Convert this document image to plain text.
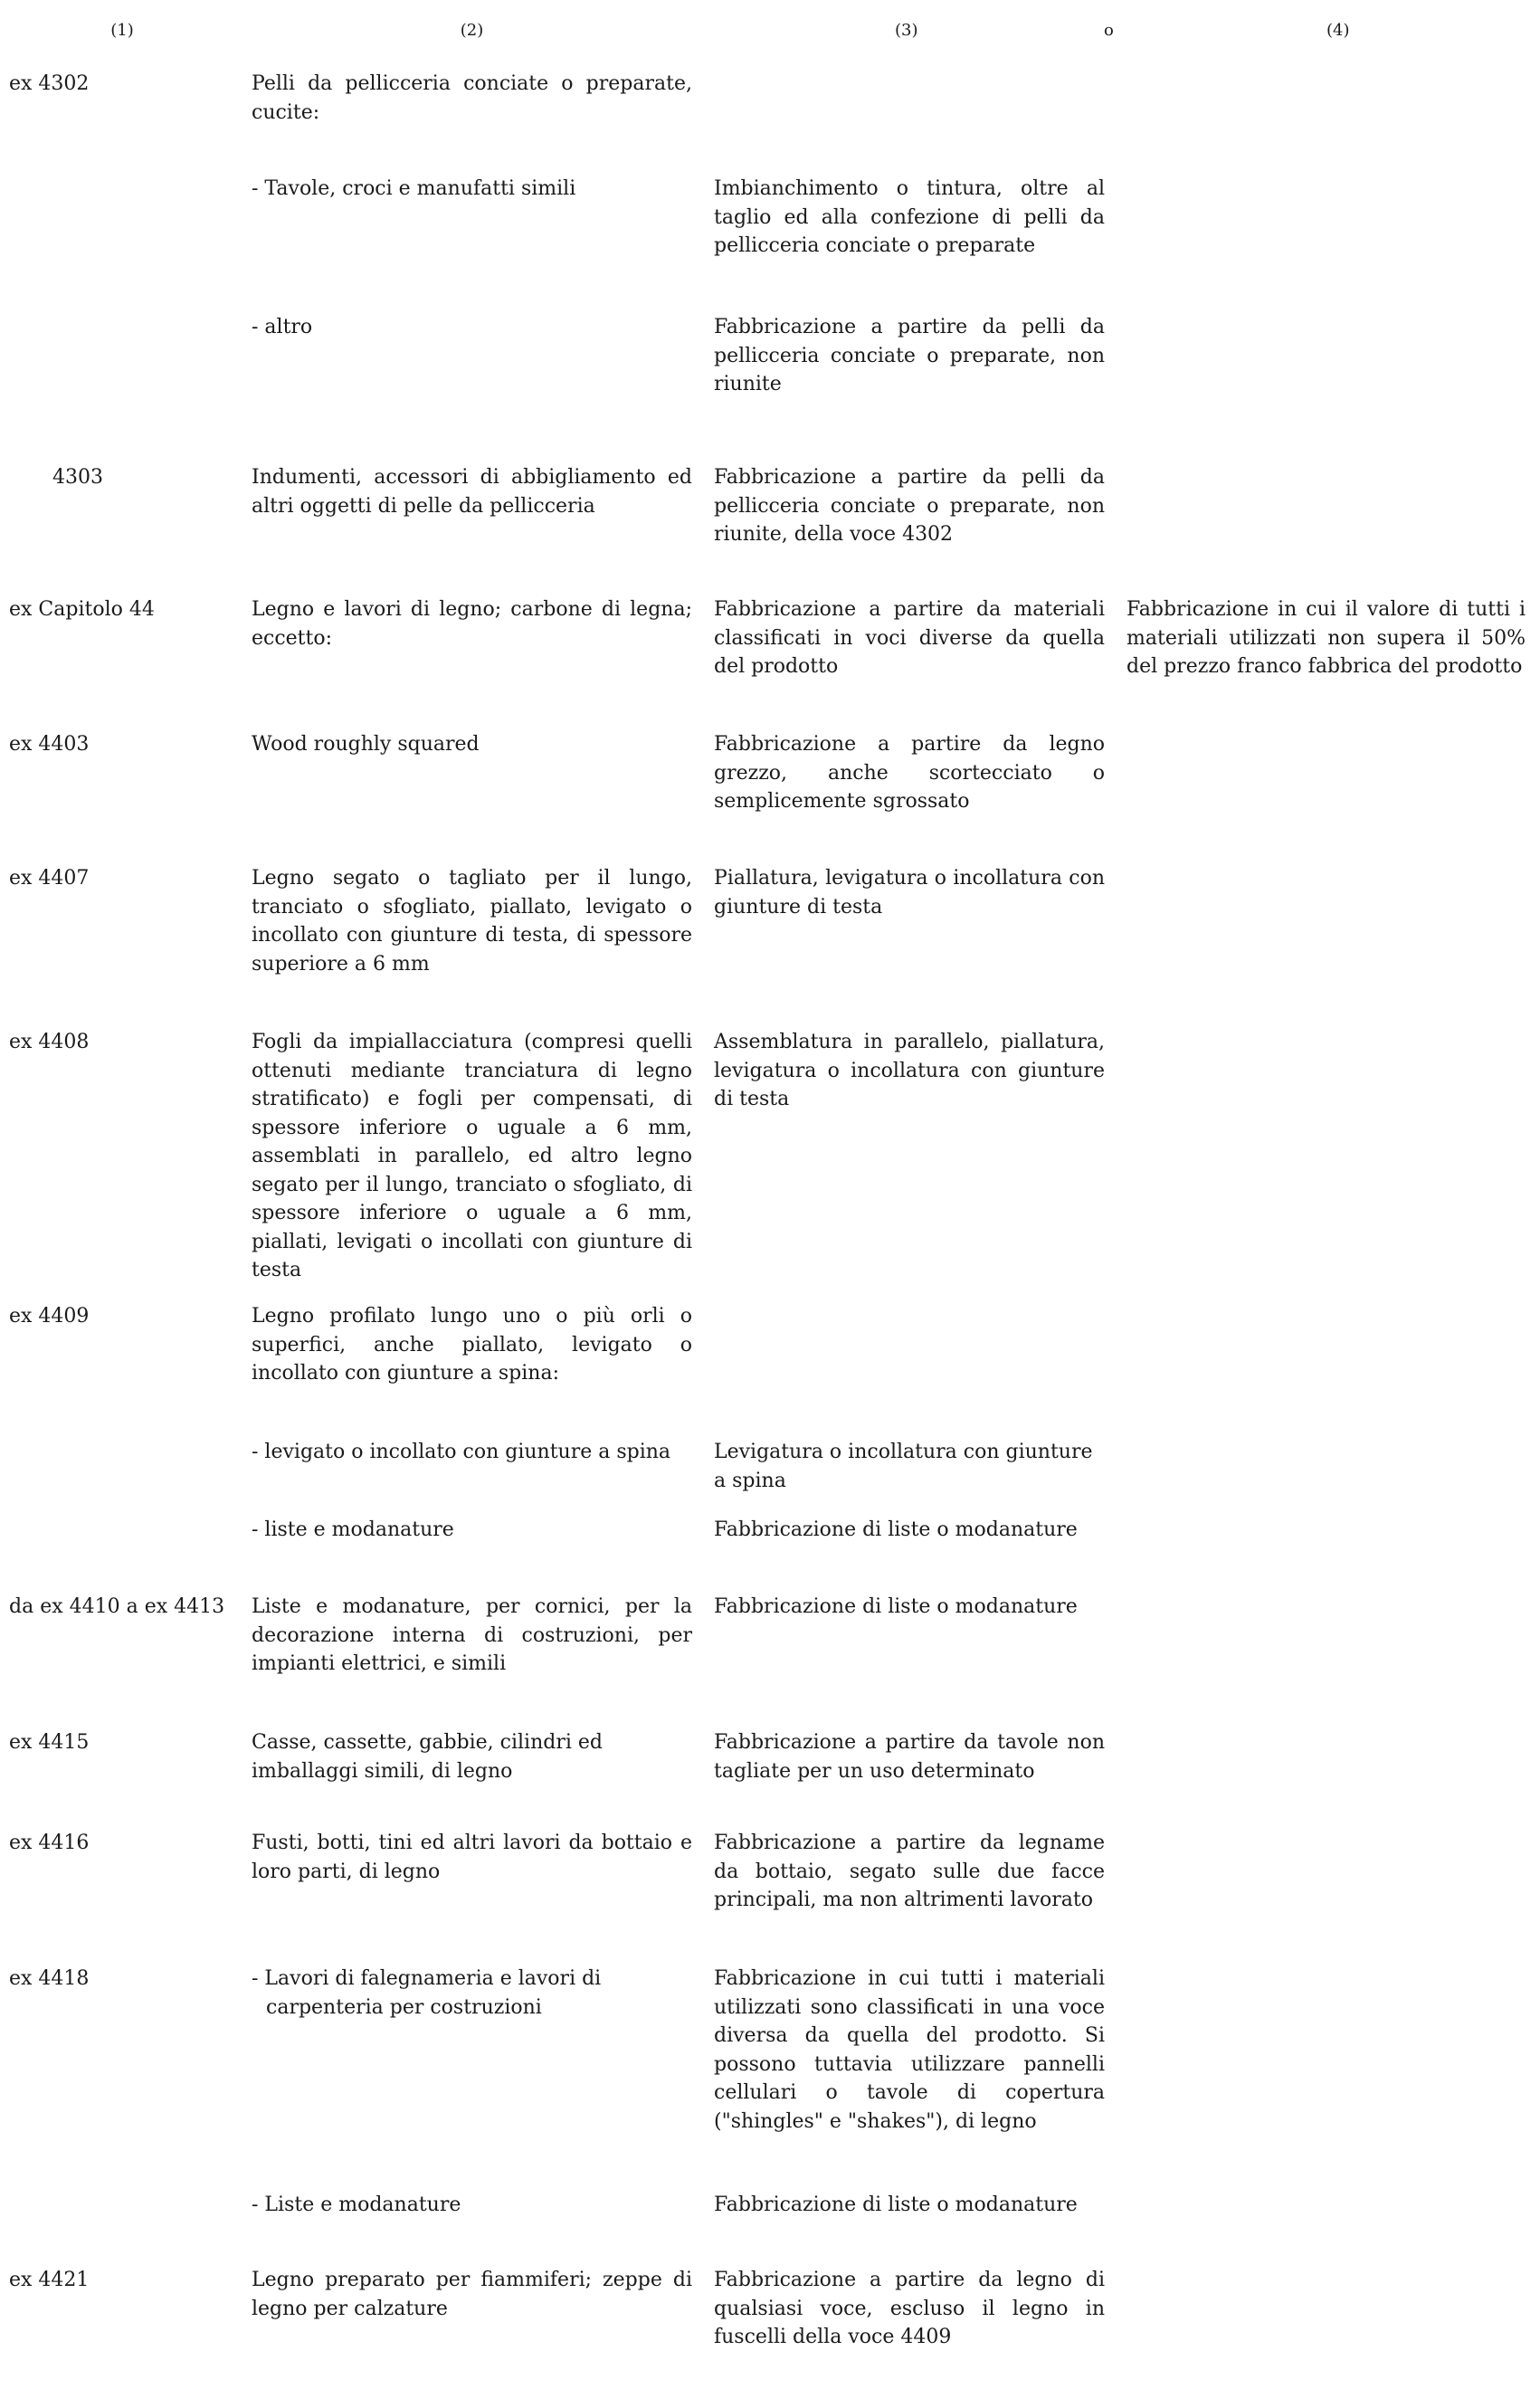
(1)	(2)	(3) o (4)	

ex 4302	Pelli da pellicceria conciate o preparate, cucite:		
	- Tavole, croci e manufatti simili	Imbianchimento o tintura, oltre al taglio ed alla confezione di pelli da pellicceria conciate o preparate	
	- altro	Fabbricazione a partire da pelli da pellicceria conciate o preparate, non riunite	
4303	Indumenti, accessori di abbigliamento ed altri oggetti di pelle da pellicceria	Fabbricazione a partire da pelli da pellicceria conciate o preparate, non riunite, della voce 4302	
ex Capitolo 44	Legno e lavori di legno; carbone di legna; eccetto:	Fabbricazione a partire da materiali classificati in voci diverse da quella del prodotto	Fabbricazione in cui il valore di tutti i materiali utilizzati non supera il 50% del prezzo franco fabbrica del prodotto
ex 4403	Wood roughly squared	Fabbricazione a partire da legno grezzo, anche scortecciato o semplicemente sgrossato	
ex 4407	Legno segato o tagliato per il lungo, tranciato o sfogliato, piallato, levigato o incollato con giunture di testa, di spessore superiore a 6 mm	Piallatura, levigatura o incollatura con giunture di testa	
ex 4408	Fogli da impiallacciatura (compresi quelli ottenuti mediante tranciatura di legno stratificato) e fogli per compensati, di spessore inferiore o uguale a 6 mm, assemblati in parallelo, ed altro legno segato per il lungo, tranciato o sfogliato, di spessore inferiore o uguale a 6 mm, piallati, levigati o incollati con giunture di testa	Assemblatura in parallelo, piallatura, levigatura o incollatura con giunture di testa	
ex 4409	Legno profilato lungo uno o più orli o superfici, anche piallato, levigato o incollato con giunture a spina:		
	- levigato o incollato con giunture a spina	Levigatura o incollatura con giunture a spina	
	- liste e modanature	Fabbricazione di liste o modanature	
da ex 4410 a ex 4413	Liste e modanature, per cornici, per la decorazione interna di costruzioni, per impianti elettrici, e simili	Fabbricazione di liste o modanature	
ex 4415	Casse, cassette, gabbie, cilindri ed imballaggi simili, di legno	Fabbricazione a partire da tavole non tagliate per un uso determinato	
ex 4416	Fusti, botti, tini ed altri lavori da bottaio e loro parti, di legno	Fabbricazione a partire da legname da bottaio, segato sulle due facce principali, ma non altrimenti lavorato	
ex 4418	- Lavori di falegnameria e lavori di carpenteria per costruzioni	Fabbricazione in cui tutti i materiali utilizzati sono classificati in una voce diversa da quella del prodotto. Si possono tuttavia utilizzare pannelli cellulari o tavole di copertura ("shingles" e "shakes"), di legno	
	- Liste e modanature	Fabbricazione di liste o modanature	
ex 4421	Legno preparato per fiammiferi; zeppe di legno per calzature	Fabbricazione a partire da legno di qualsiasi voce, escluso il legno in fuscelli della voce 4409	
